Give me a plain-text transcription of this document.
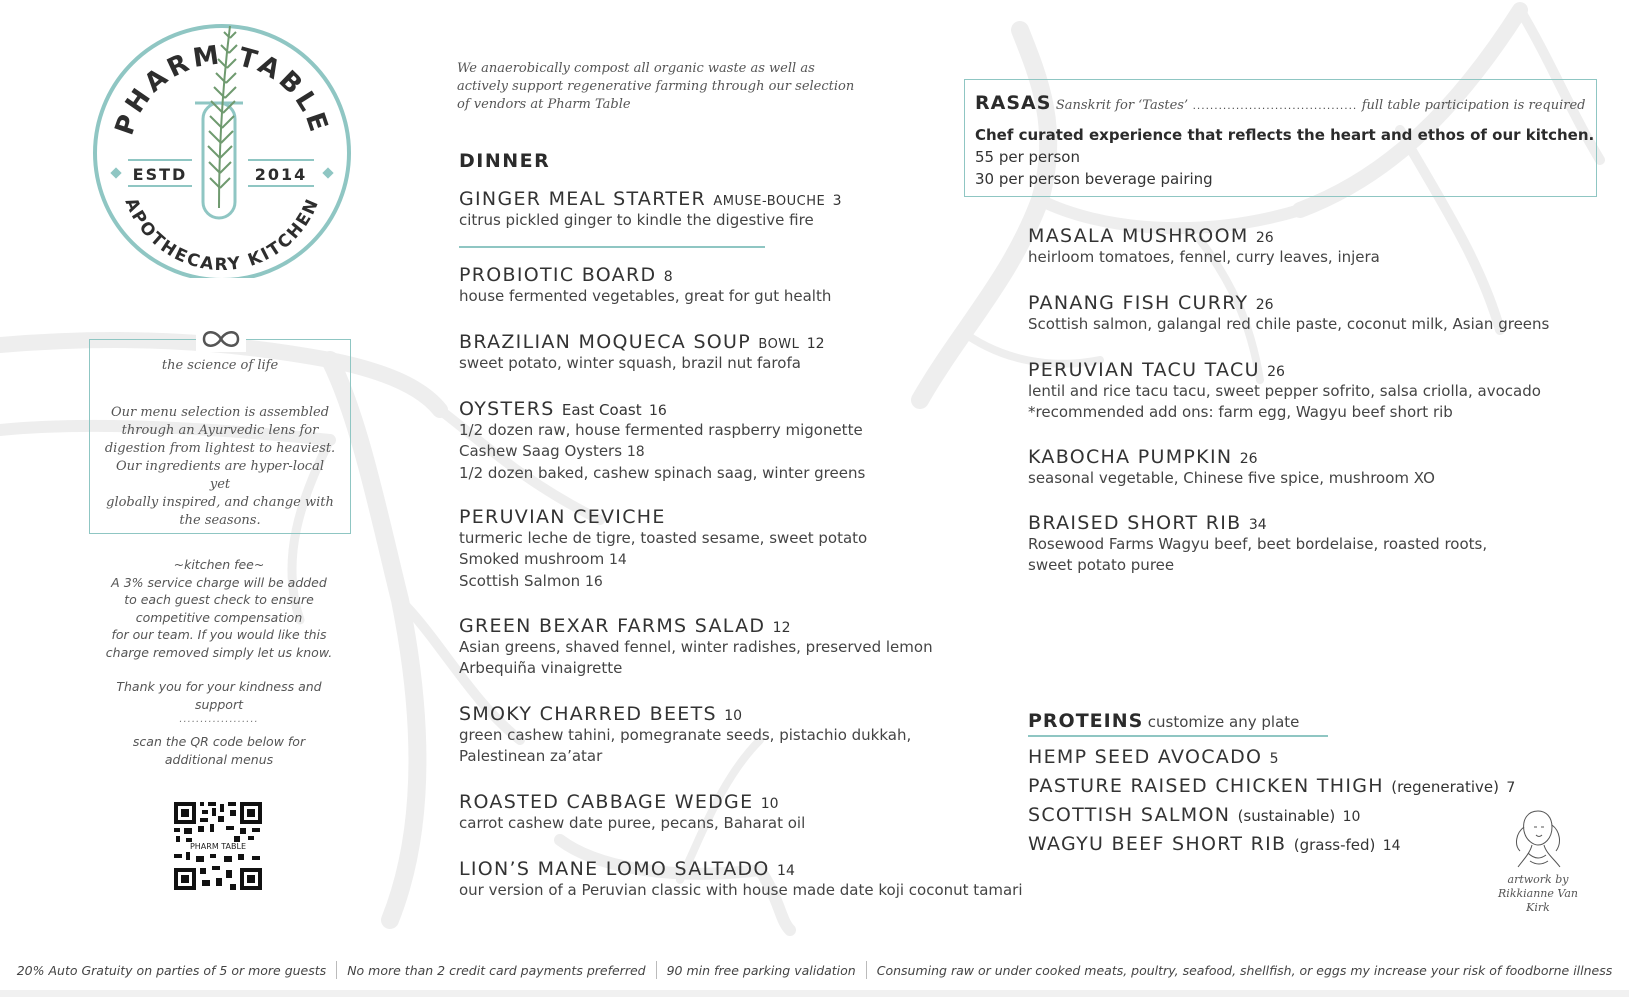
PHARM TABLE
APOTHECARY KITCHEN
ESTD	2014
the science of life
Our menu selection is assembled
through an Ayurvedic lens for
digestion from lightest to heaviest.
Our ingredients are hyper-local yet
globally inspired, and change with
the seasons.

~kitchen fee~

A 3% service charge will be added

to each guest check to ensure

competitive compensation

for our team. If you would like this

charge removed simply let us know.

Thank you for your kindness and

support

...................

scan the QR code below for

additional menus

PHARM TABLE
We anaerobically compost all organic waste as well as
actively support regenerative farming through our selection
of vendors at Pharm Table
DINNER
GINGER MEAL STARTER AMUSE-BOUCHE 3
citrus pickled ginger to kindle the digestive fire
PROBIOTIC BOARD 8
house fermented vegetables, great for gut health
BRAZILIAN MOQUECA SOUP BOWL 12
sweet potato, winter squash, brazil nut farofa
OYSTERS East Coast 16
1/2 dozen raw, house fermented raspberry migonette
Cashew Saag Oysters 18
1/2 dozen baked, cashew spinach saag, winter greens
PERUVIAN CEVICHE
turmeric leche de tigre, toasted sesame, sweet potato
Smoked mushroom 14
Scottish Salmon 16
GREEN BEXAR FARMS SALAD 12
Asian greens, shaved fennel, winter radishes, preserved lemon
Arbequiña vinaigrette
SMOKY CHARRED BEETS 10
green cashew tahini, pomegranate seeds, pistachio dukkah,
Palestinean za’atar
ROASTED CABBAGE WEDGE 10
carrot cashew date puree, pecans, Baharat oil
LION’S MANE LOMO SALTADO 14
our version of a Peruvian classic with house made date koji coconut tamari
RASAS Sanskrit for ‘Tastes’ ...................................... full table participation is required
Chef curated experience that reflects the heart and ethos of our kitchen.
55 per person
30 per person beverage pairing
MASALA MUSHROOM 26
heirloom tomatoes, fennel, curry leaves, injera
PANANG FISH CURRY 26
Scottish salmon, galangal red chile paste, coconut milk, Asian greens
PERUVIAN TACU TACU 26
lentil and rice tacu tacu, sweet pepper sofrito, salsa criolla, avocado
*recommended add ons: farm egg, Wagyu beef short rib
KABOCHA PUMPKIN 26
seasonal vegetable, Chinese five spice, mushroom XO
BRAISED SHORT RIB 34
Rosewood Farms Wagyu beef, beet bordelaise, roasted roots,
sweet potato puree
PROTEINS customize any plate
HEMP SEED AVOCADO 5
PASTURE RAISED CHICKEN THIGH (regenerative) 7
SCOTTISH SALMON (sustainable) 10
WAGYU BEEF SHORT RIB (grass-fed) 14
artwork by
Rikkianne Van Kirk
20% Auto Gratuity on parties of 5 or more guests No more than 2 credit card payments preferred 90 min free parking validation Consuming raw or under cooked meats, poultry, seafood, shellfish, or eggs my increase your risk of foodborne illness
